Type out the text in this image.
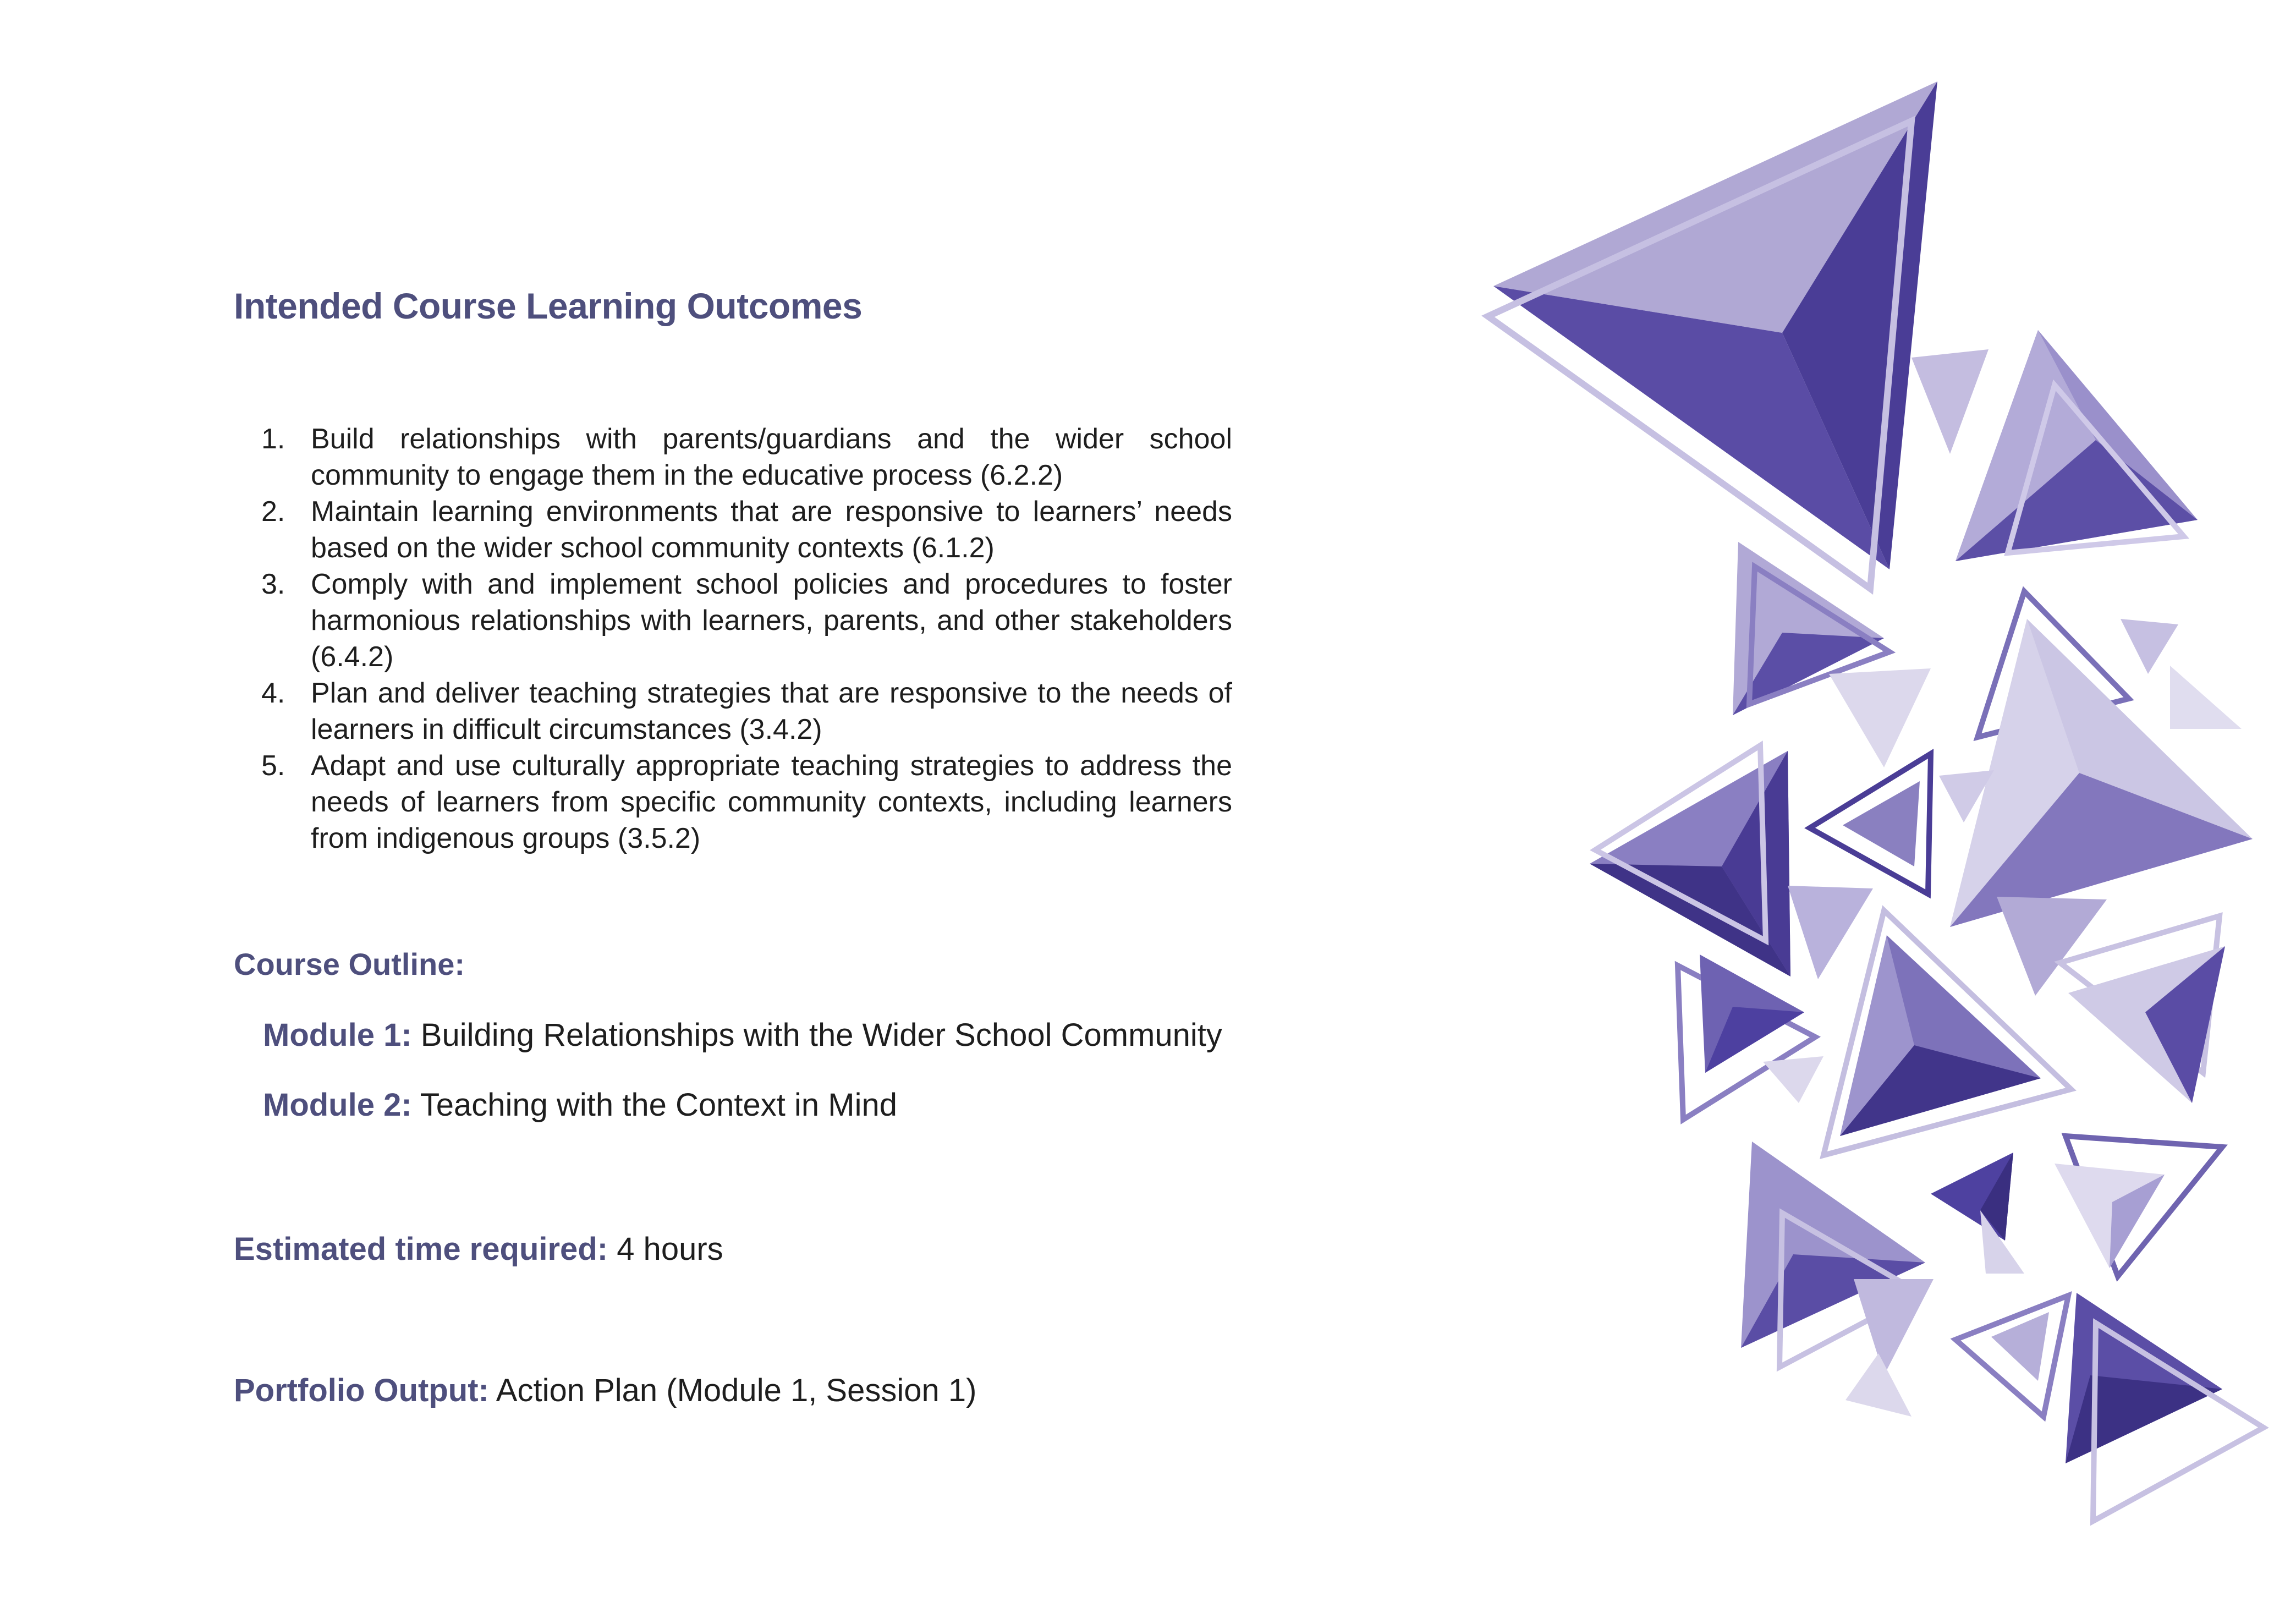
Intended Course Learning Outcomes
1. Build relationships with parents/guardians and the wider school community to engage them in the educative process (6.2.2)
2. Maintain learning environments that are responsive to learners’ needs based on the wider school community contexts (6.1.2)
3. Comply with and implement school policies and procedures to foster harmonious relationships with learners, parents, and other stakeholders (6.4.2)
4. Plan and deliver teaching strategies that are responsive to the needs of learners in difficult circumstances (3.4.2)
5. Adapt and use culturally appropriate teaching strategies to address the needs of learners from specific community contexts, including learners from indigenous groups (3.5.2)
Course Outline:
Module 1: Building Relationships with the Wider School Community
Module 2: Teaching with the Context in Mind
Estimated time required: 4 hours
Portfolio Output: Action Plan (Module 1, Session 1)
